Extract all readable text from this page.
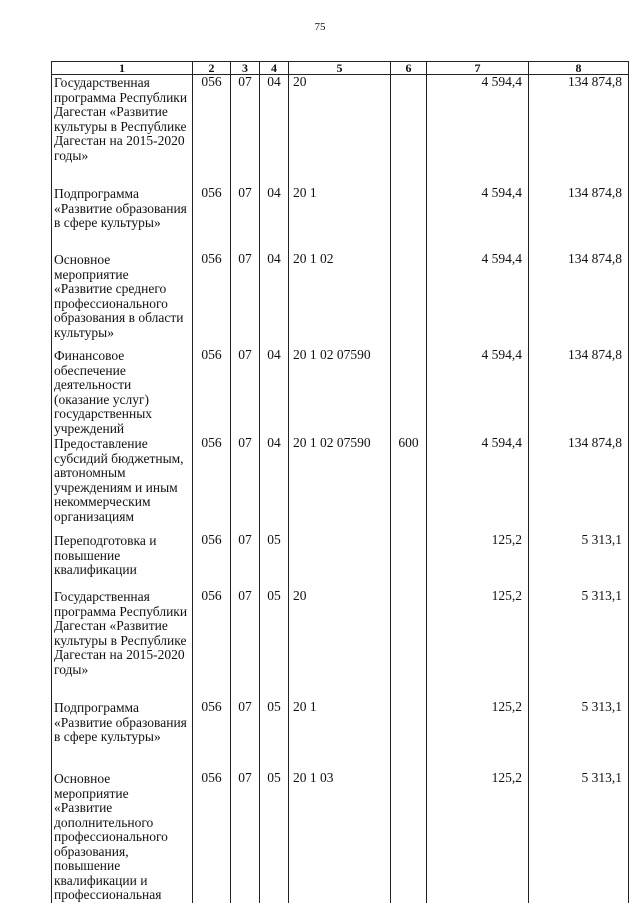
75
1	2	3	4	5	6	7	8
Государственная программа Республики Дагестан «Развитие культуры в Республике Дагестан на 2015-2020 годы»	056	07	04	20		4 594,4	134 874,8
Подпрограмма «Развитие образования в сфере культуры»	056	07	04	20 1		4 594,4	134 874,8
Основное мероприятие «Развитие среднего профессионального образования в области культуры»	056	07	04	20 1 02		4 594,4	134 874,8
Финансовое обеспечение деятельности (оказание услуг) государственных учреждений	056	07	04	20 1 02 07590		4 594,4	134 874,8
Предоставление субсидий бюджетным, автономным учреждениям и иным некоммерческим организациям	056	07	04	20 1 02 07590	600	4 594,4	134 874,8
Переподготовка и повышение квалификации	056	07	05			125,2	5 313,1
Государственная программа Республики Дагестан «Развитие культуры в Республике Дагестан на 2015-2020 годы»	056	07	05	20		125,2	5 313,1
Подпрограмма «Развитие образования в сфере культуры»	056	07	05	20 1		125,2	5 313,1
Основное мероприятие «Развитие дополнительного профессионального образования, повышение квалификации и профессиональная	056	07	05	20 1 03		125,2	5 313,1
